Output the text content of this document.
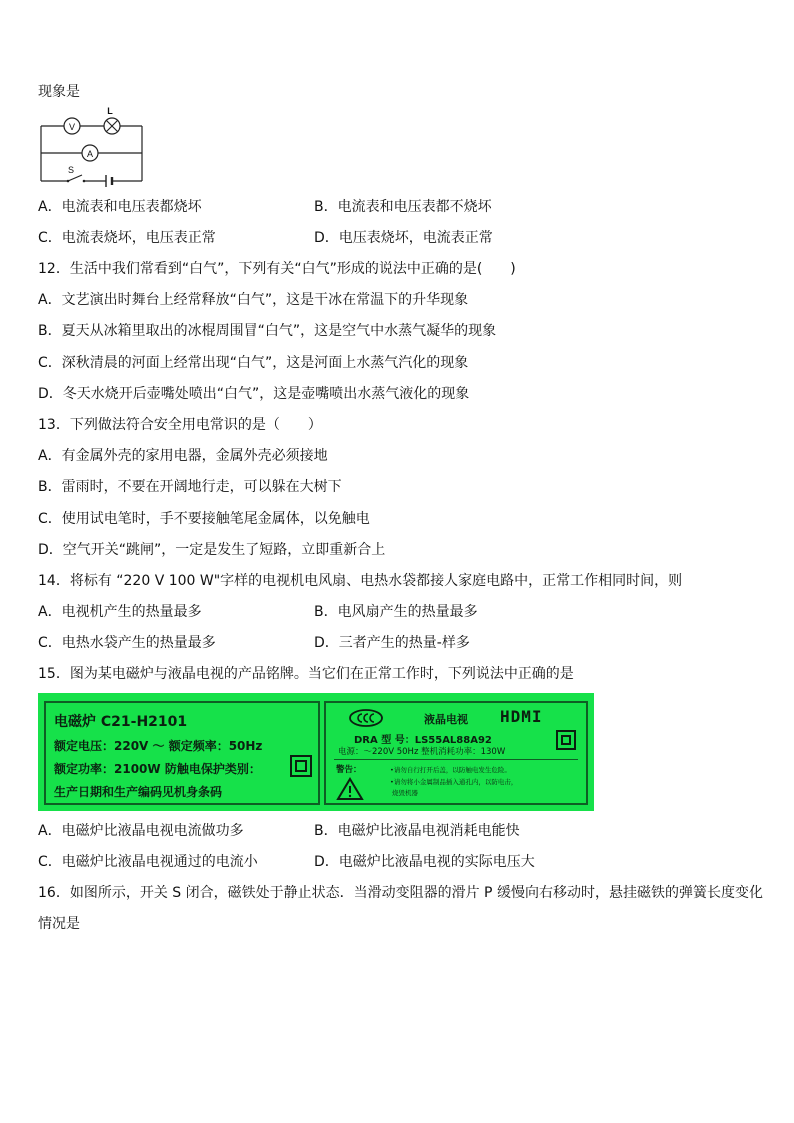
现象是
V
L
A
S
A．电流表和电压表都烧坏	B．电流表和电压表都不烧坏
C．电流表烧坏，电压表正常	D．电压表烧坏，电流表正常
12．生活中我们常看到“白气”，下列有关“白气”形成的说法中正确的是(　　)
A．文艺演出时舞台上经常释放“白气”，这是干冰在常温下的升华现象
B．夏天从冰箱里取出的冰棍周围冒“白气”，这是空气中水蒸气凝华的现象
C．深秋清晨的河面上经常出现“白气”，这是河面上水蒸气汽化的现象
D．冬天水烧开后壶嘴处喷出“白气”，这是壶嘴喷出水蒸气液化的现象
13．下列做法符合安全用电常识的是（　　）
A．有金属外壳的家用电器，金属外壳必须接地
B．雷雨时，不要在开阔地行走，可以躲在大树下
C．使用试电笔时，手不要接触笔尾金属体，以免触电
D．空气开关“跳闸”，一定是发生了短路，立即重新合上
14．将标有 “220 V 100 W"字样的电视机电风扇、电热水袋都接人家庭电路中，正常工作相同时间，则
A．电视机产生的热量最多	B．电风扇产生的热量最多
C．电热水袋产生的热量最多	D．三者产生的热量-样多
15．图为某电磁炉与液晶电视的产品铭牌。当它们在正常工作时，下列说法中正确的是
电磁炉 C21-H2101
额定电压：220V ～ 额定频率：50Hz
额定功率：2100W 防触电保护类别：
生产日期和生产编码见机身条码
液晶电视 HDMI
DRA 型 号：LS55AL88A92
电源：～220V 50Hz 整机消耗功率：130W
警告：	•请勿自行打开后盖，以防触电发生危险。
•请勿将小金属制品插入通孔内，以防电击，
烧毁机器
A．电磁炉比液晶电视电流做功多	B．电磁炉比液晶电视消耗电能快
C．电磁炉比液晶电视通过的电流小	D．电磁炉比液晶电视的实际电压大
16．如图所示，开关 S 闭合，磁铁处于静止状态．当滑动变阻器的滑片 P 缓慢向右移动时，悬挂磁铁的弹簧长度变化
情况是
